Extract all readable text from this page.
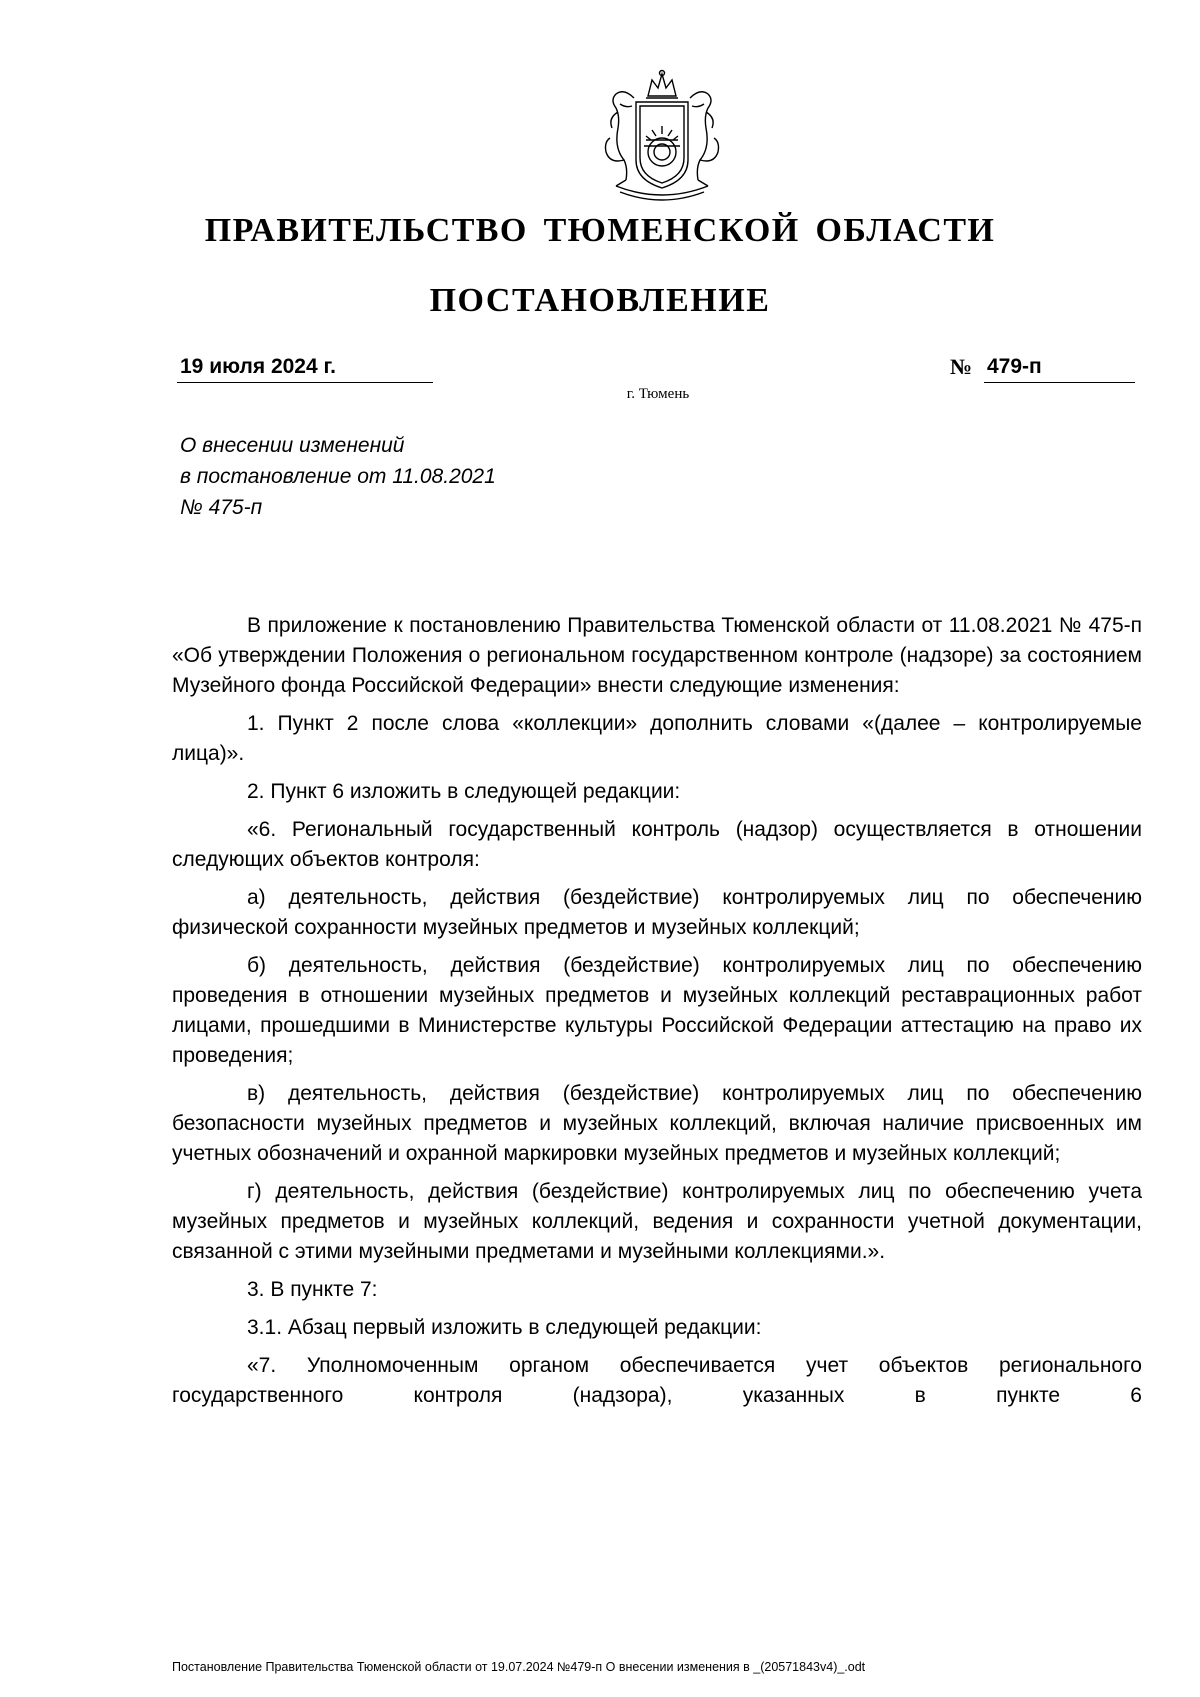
ПРАВИТЕЛЬСТВО ТЮМЕНСКОЙ ОБЛАСТИ
ПОСТАНОВЛЕНИЕ
19 июля 2024 г.	№ 479-п
г. Тюмень
О внесении изменений
в постановление от 11.08.2021
№ 475-п

В приложение к постановлению Правительства Тюменской области от 11.08.2021 № 475-п «Об утверждении Положения о региональном государственном контроле (надзоре) за состоянием Музейного фонда Российской Федерации» внести следующие изменения:

1. Пункт 2 после слова «коллекции» дополнить словами «(далее – контролируемые лица)».

2. Пункт 6 изложить в следующей редакции:

«6. Региональный государственный контроль (надзор) осуществляется в отношении следующих объектов контроля:

а) деятельность, действия (бездействие) контролируемых лиц по обеспечению физической сохранности музейных предметов и музейных коллекций;

б) деятельность, действия (бездействие) контролируемых лиц по обеспечению проведения в отношении музейных предметов и музейных коллекций реставрационных работ лицами, прошедшими в Министерстве культуры Российской Федерации аттестацию на право их проведения;

в) деятельность, действия (бездействие) контролируемых лиц по обеспечению безопасности музейных предметов и музейных коллекций, включая наличие присвоенных им учетных обозначений и охранной маркировки музейных предметов и музейных коллекций;

г) деятельность, действия (бездействие) контролируемых лиц по обеспечению учета музейных предметов и музейных коллекций, ведения и сохранности учетной документации, связанной с этими музейными предметами и музейными коллекциями.».

3. В пункте 7:

3.1. Абзац первый изложить в следующей редакции:

«7. Уполномоченным органом обеспечивается учет объектов регионального государственного контроля (надзора), указанных в пункте 6

Постановление Правительства Тюменской области от 19.07.2024 №479-п О внесении изменения в _(20571843v4)_.odt
